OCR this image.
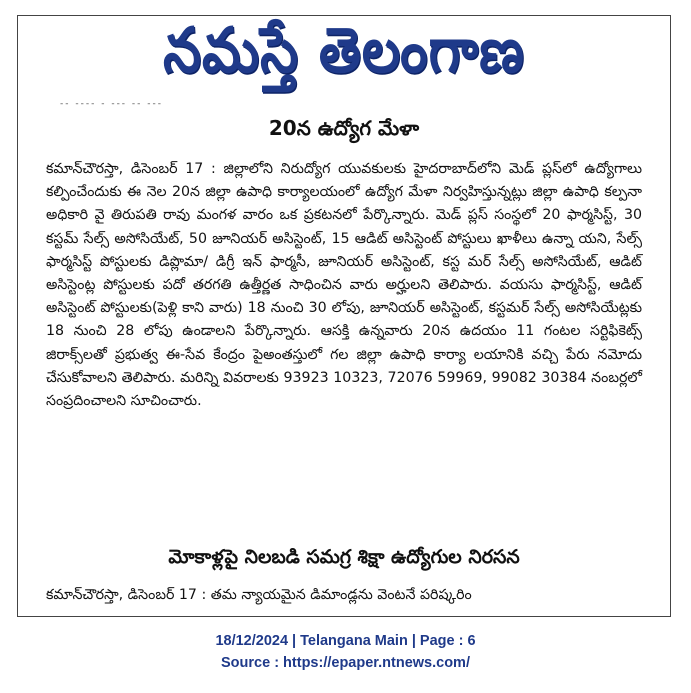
నమస్తే తెలంగాణ
-- ---- - --- -- ---
20న ఉద్యోగ మేళా

కమాన్‌చౌరస్తా, డిసెంబర్ 17 : జిల్లాలోని నిరుద్యోగ యువకులకు హైదరాబాద్‌లోని మెడ్ ప్లస్‌లో ఉద్యోగాలు కల్పించేందుకు ఈ నెల 20న జిల్లా ఉపాధి కార్యాలయంలో ఉద్యోగ మేళా నిర్వహిస్తున్నట్లు జిల్లా ఉపాధి కల్పనా అధికారి వై తిరుపతి రావు మంగళ వారం ఒక ప్రకటనలో పేర్కొన్నారు. మెడ్ ప్లస్ సంస్థలో 20 ఫార్మసిస్ట్, 30 కస్టమ్ సేల్స్ అసోసియేట్, 50 జూనియర్ అసిస్టెంట్, 15 ఆడిట్ అసిస్టెంట్ పోస్టులు ఖాళీలు ఉన్నా యని, సేల్స్ ఫార్మసిస్ట్ పోస్టులకు డిప్లొమా/ డిగ్రీ ఇన్ ఫార్మసీ, జూనియర్ అసిస్టెంట్, కస్ట మర్ సేల్స్ అసోసియేట్, ఆడిట్ అసిస్టెంట్ల పోస్టులకు పదో తరగతి ఉత్తీర్ణత సాధించిన వారు అర్హులని తెలిపారు. వయసు ఫార్మసిస్ట్, ఆడిట్ అసిస్టెంట్ పోస్టులకు(పెళ్లి కాని వారు) 18 నుంచి 30 లోపు, జూనియర్ అసిస్టెంట్, కస్టమర్ సేల్స్ అసోసియేట్లకు 18 నుంచి 28 లోపు ఉండాలని పేర్కొన్నారు. ఆసక్తి ఉన్నవారు 20న ఉదయం 11 గంటల సర్టిఫికెట్స్ జిరాక్స్‌లతో ప్రభుత్వ ఈ-సేవ కేంద్రం పైఅంతస్తులో గల జిల్లా ఉపాధి కార్యా లయానికి వచ్చి పేరు నమోదు చేసుకోవాలని తెలిపారు. మరిన్ని వివరాలకు 93923 10323, 72076 59969, 99082 30384 నంబర్లలో సంప్రదించాలని సూచించారు.

మోకాళ్లపై నిలబడి సమగ్ర శిక్షా ఉద్యోగుల నిరసన
కమాన్‌చౌరస్తా, డిసెంబర్ 17 : తమ న్యాయమైన డిమాండ్లను వెంటనే పరిష్కరిం
18/12/2024 | Telangana Main | Page : 6
Source : https://epaper.ntnews.com/
